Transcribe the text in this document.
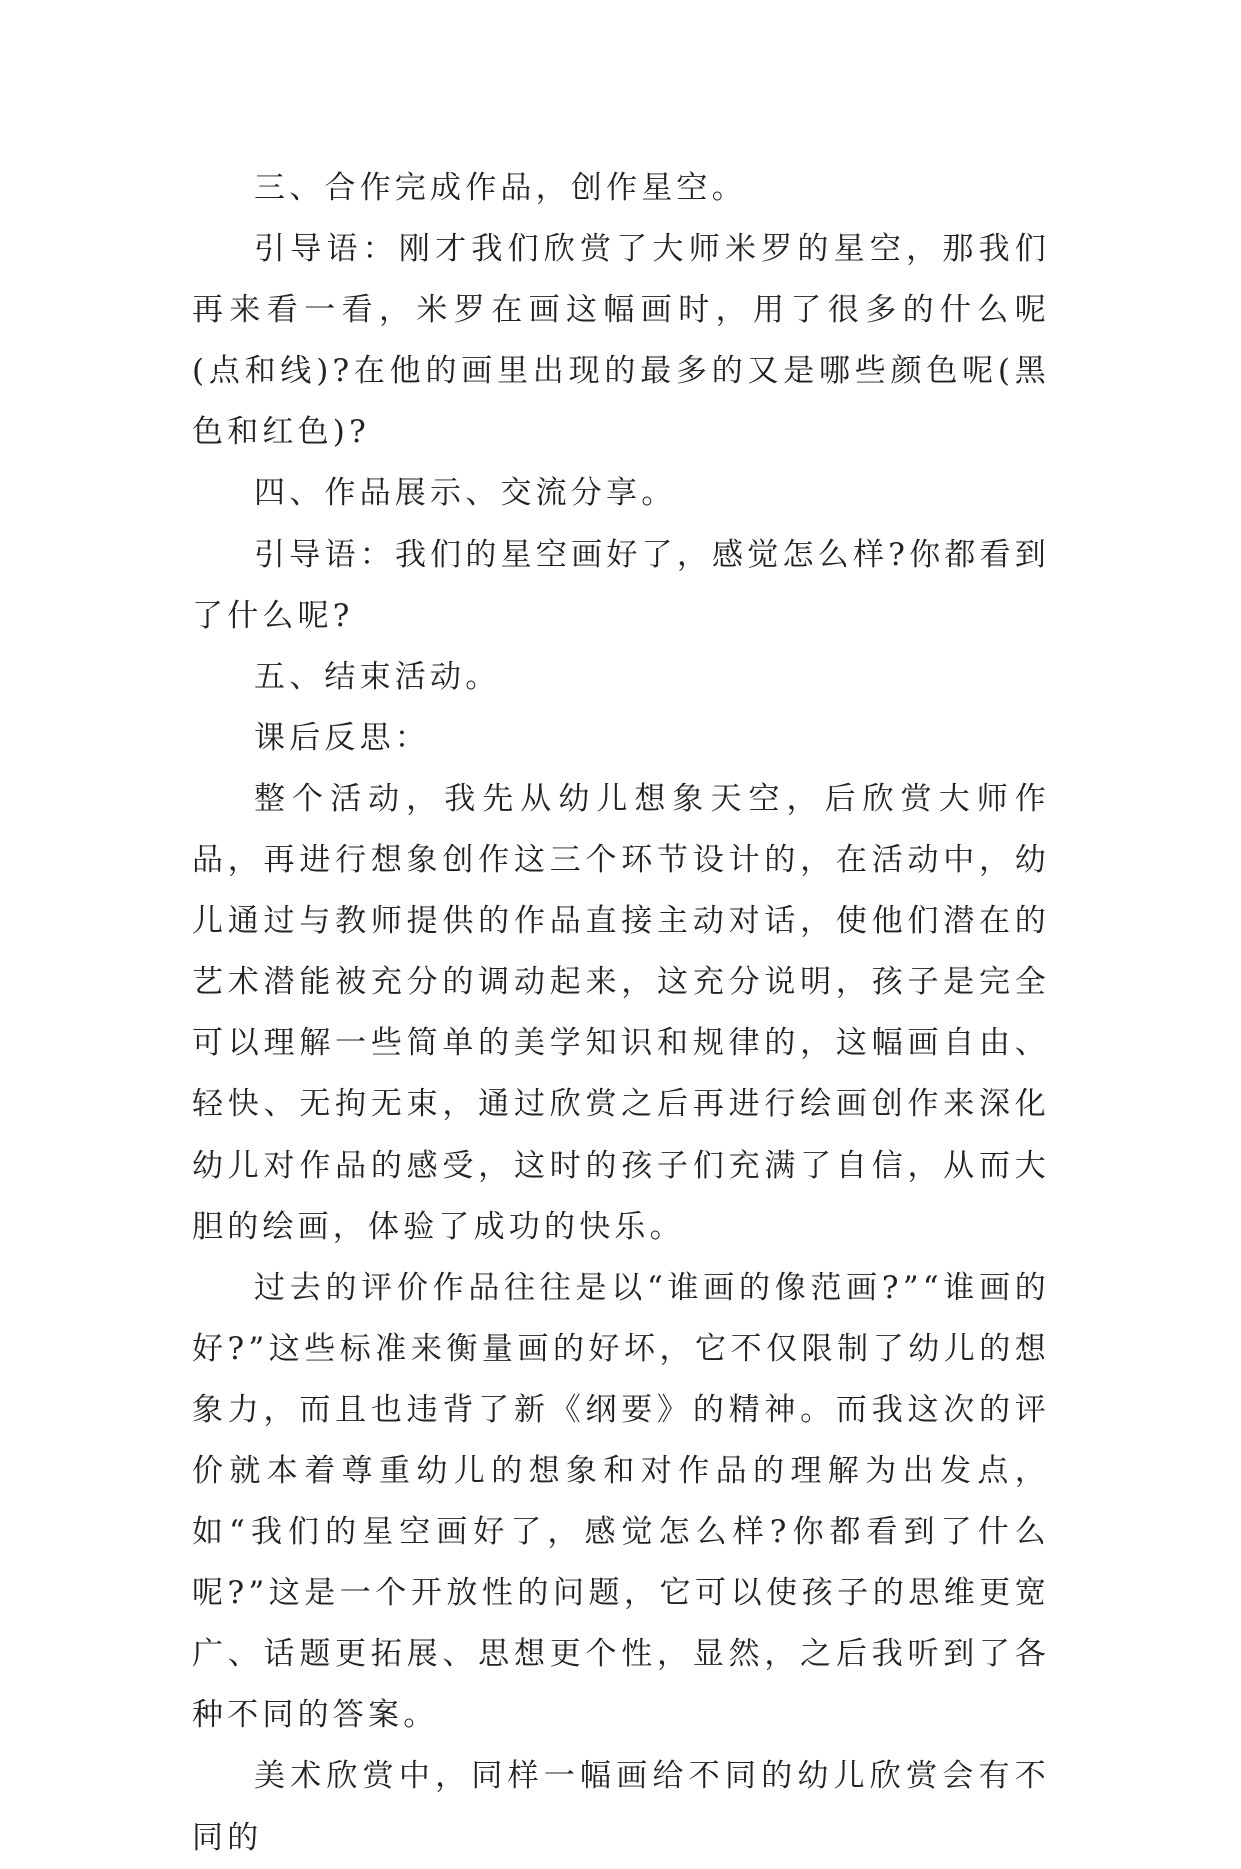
三、合作完成作品，创作星空。

引导语：刚才我们欣赏了大师米罗的星空，那我们再来看一看，米罗在画这幅画时，用了很多的什么呢(点和线)?在他的画里出现的最多的又是哪些颜色呢(黑色和红色)?

四、作品展示、交流分享。

引导语：我们的星空画好了，感觉怎么样?你都看到了什么呢?

五、结束活动。

课后反思：

整个活动，我先从幼儿想象天空，后欣赏大师作品，再进行想象创作这三个环节设计的，在活动中，幼儿通过与教师提供的作品直接主动对话，使他们潜在的艺术潜能被充分的调动起来，这充分说明，孩子是完全可以理解一些简单的美学知识和规律的，这幅画自由、轻快、无拘无束，通过欣赏之后再进行绘画创作来深化幼儿对作品的感受，这时的孩子们充满了自信，从而大胆的绘画，体验了成功的快乐。

过去的评价作品往往是以“谁画的像范画?”“谁画的好?”这些标准来衡量画的好坏，它不仅限制了幼儿的想象力，而且也违背了新《纲要》的精神。而我这次的评价就本着尊重幼儿的想象和对作品的理解为出发点，如“我们的星空画好了，感觉怎么样?你都看到了什么呢?”这是一个开放性的问题，它可以使孩子的思维更宽广、话题更拓展、思想更个性，显然，之后我听到了各种不同的答案。

美术欣赏中，同样一幅画给不同的幼儿欣赏会有不同的
